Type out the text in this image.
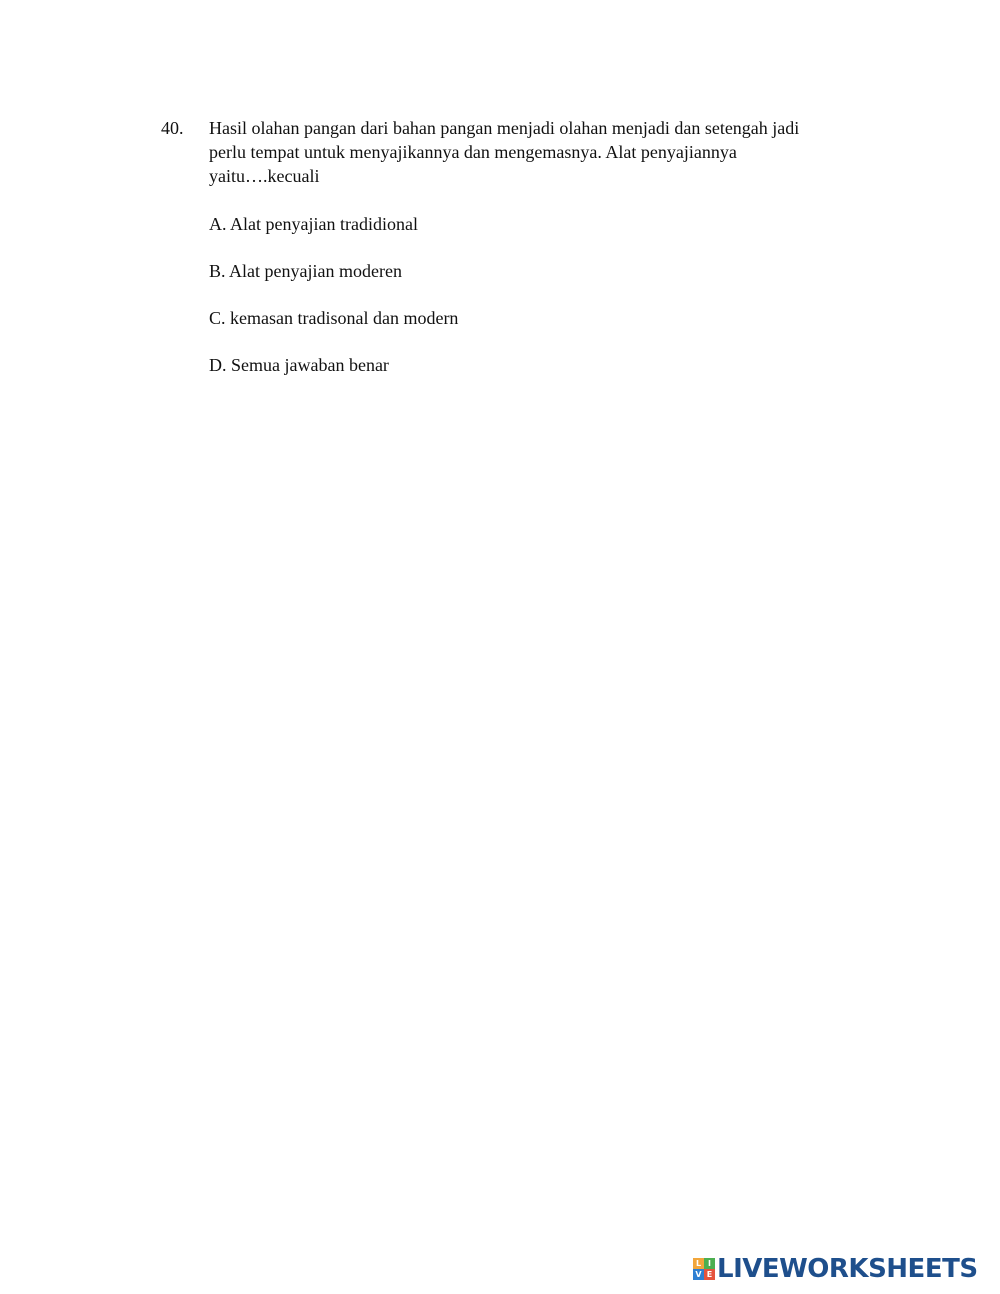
40.	Hasil olahan pangan dari bahan pangan menjadi olahan menjadi dan setengah jadi
perlu tempat untuk menyajikannya dan mengemasnya. Alat penyajiannya
yaitu….kecuali
A. Alat penyajian tradidional
B. Alat penyajian moderen
C. kemasan tradisonal dan modern
D. Semua jawaban benar
L I
V E LIVEWORKSHEETS
